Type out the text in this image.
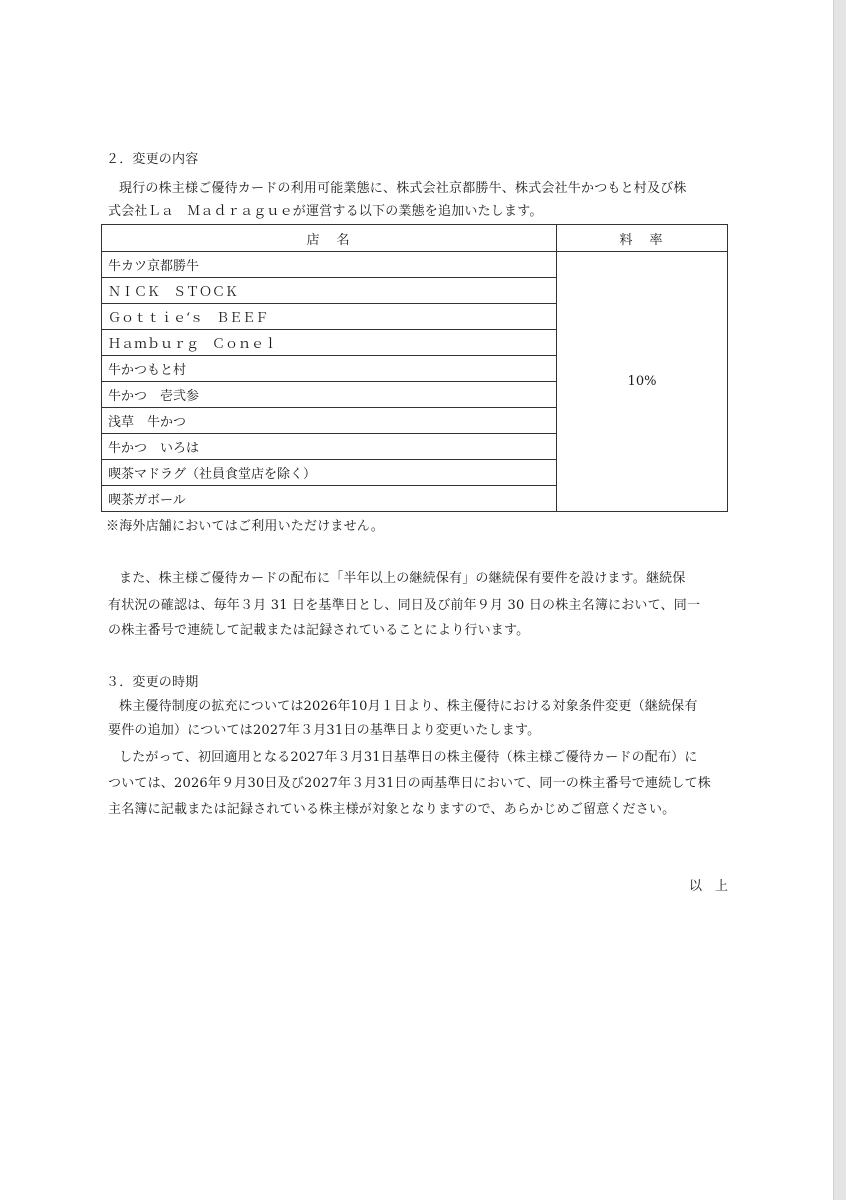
２．変更の内容
現行の株主様ご優待カードの利用可能業態に、株式会社京都勝牛、株式会社牛かつもと村及び株
式会社Ｌａ　Ｍａｄｒａｇｕｅが運営する以下の業態を追加いたします。
店　名	料　率
牛カツ京都勝牛	10%
ＮＩＣＫ　ＳＴＯＣＫ	
Ｇｏｔｔｉｅ‘ｓ　ＢＥＥＦ	
Ｈａｍｂｕｒｇ　Ｃｏｎｅｌ	
牛かつもと村	
牛かつ　壱弐参	
浅草　牛かつ	
牛かつ　いろは	
喫茶マドラグ（社員食堂店を除く）	
喫茶ガボール	
※海外店舗においてはご利用いただけません。
また、株主様ご優待カードの配布に「半年以上の継続保有」の継続保有要件を設けます。継続保
有状況の確認は、毎年３月 31 日を基準日とし、同日及び前年９月 30 日の株主名簿において、同一
の株主番号で連続して記載または記録されていることにより行います。
３．変更の時期
株主優待制度の拡充については2026年10月１日より、株主優待における対象条件変更（継続保有
要件の追加）については2027年３月31日の基準日より変更いたします。
したがって、初回適用となる2027年３月31日基準日の株主優待（株主様ご優待カードの配布）に
ついては、2026年９月30日及び2027年３月31日の両基準日において、同一の株主番号で連続して株
主名簿に記載または記録されている株主様が対象となりますので、あらかじめご留意ください。
以　上
